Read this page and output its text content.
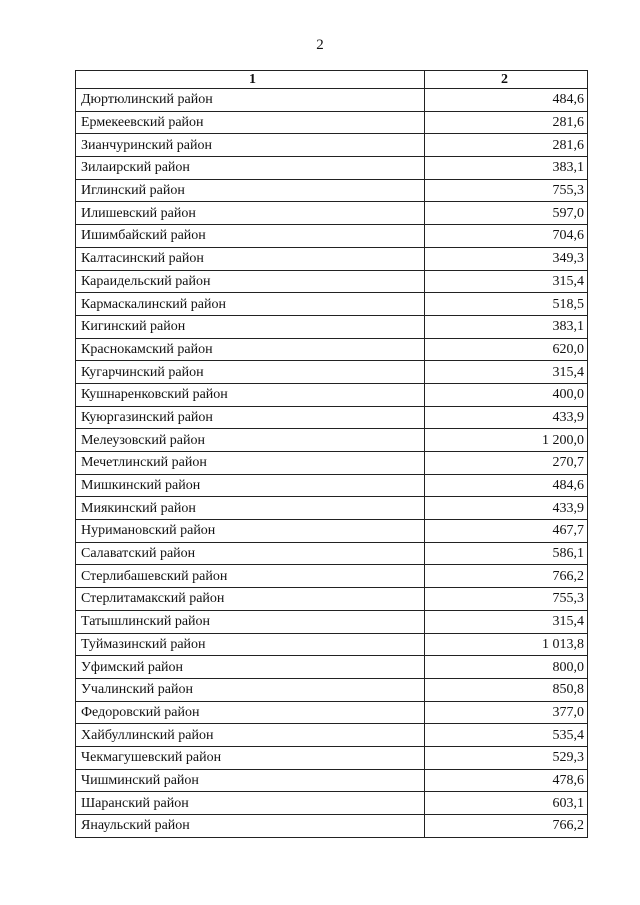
2
1	2
Дюртюлинский район	484,6
Ермекеевский район	281,6
Зианчуринский район	281,6
Зилаирский район	383,1
Иглинский район	755,3
Илишевский район	597,0
Ишимбайский район	704,6
Калтасинский район	349,3
Караидельский район	315,4
Кармаскалинский район	518,5
Кигинский район	383,1
Краснокамский район	620,0
Кугарчинский район	315,4
Кушнаренковский район	400,0
Куюргазинский район	433,9
Мелеузовский район	1 200,0
Мечетлинский район	270,7
Мишкинский район	484,6
Миякинский район	433,9
Нуримановский район	467,7
Салаватский район	586,1
Стерлибашевский район	766,2
Стерлитамакский район	755,3
Татышлинский район	315,4
Туймазинский район	1 013,8
Уфимский район	800,0
Учалинский район	850,8
Федоровский район	377,0
Хайбуллинский район	535,4
Чекмагушевский район	529,3
Чишминский район	478,6
Шаранский район	603,1
Янаульский район	766,2
